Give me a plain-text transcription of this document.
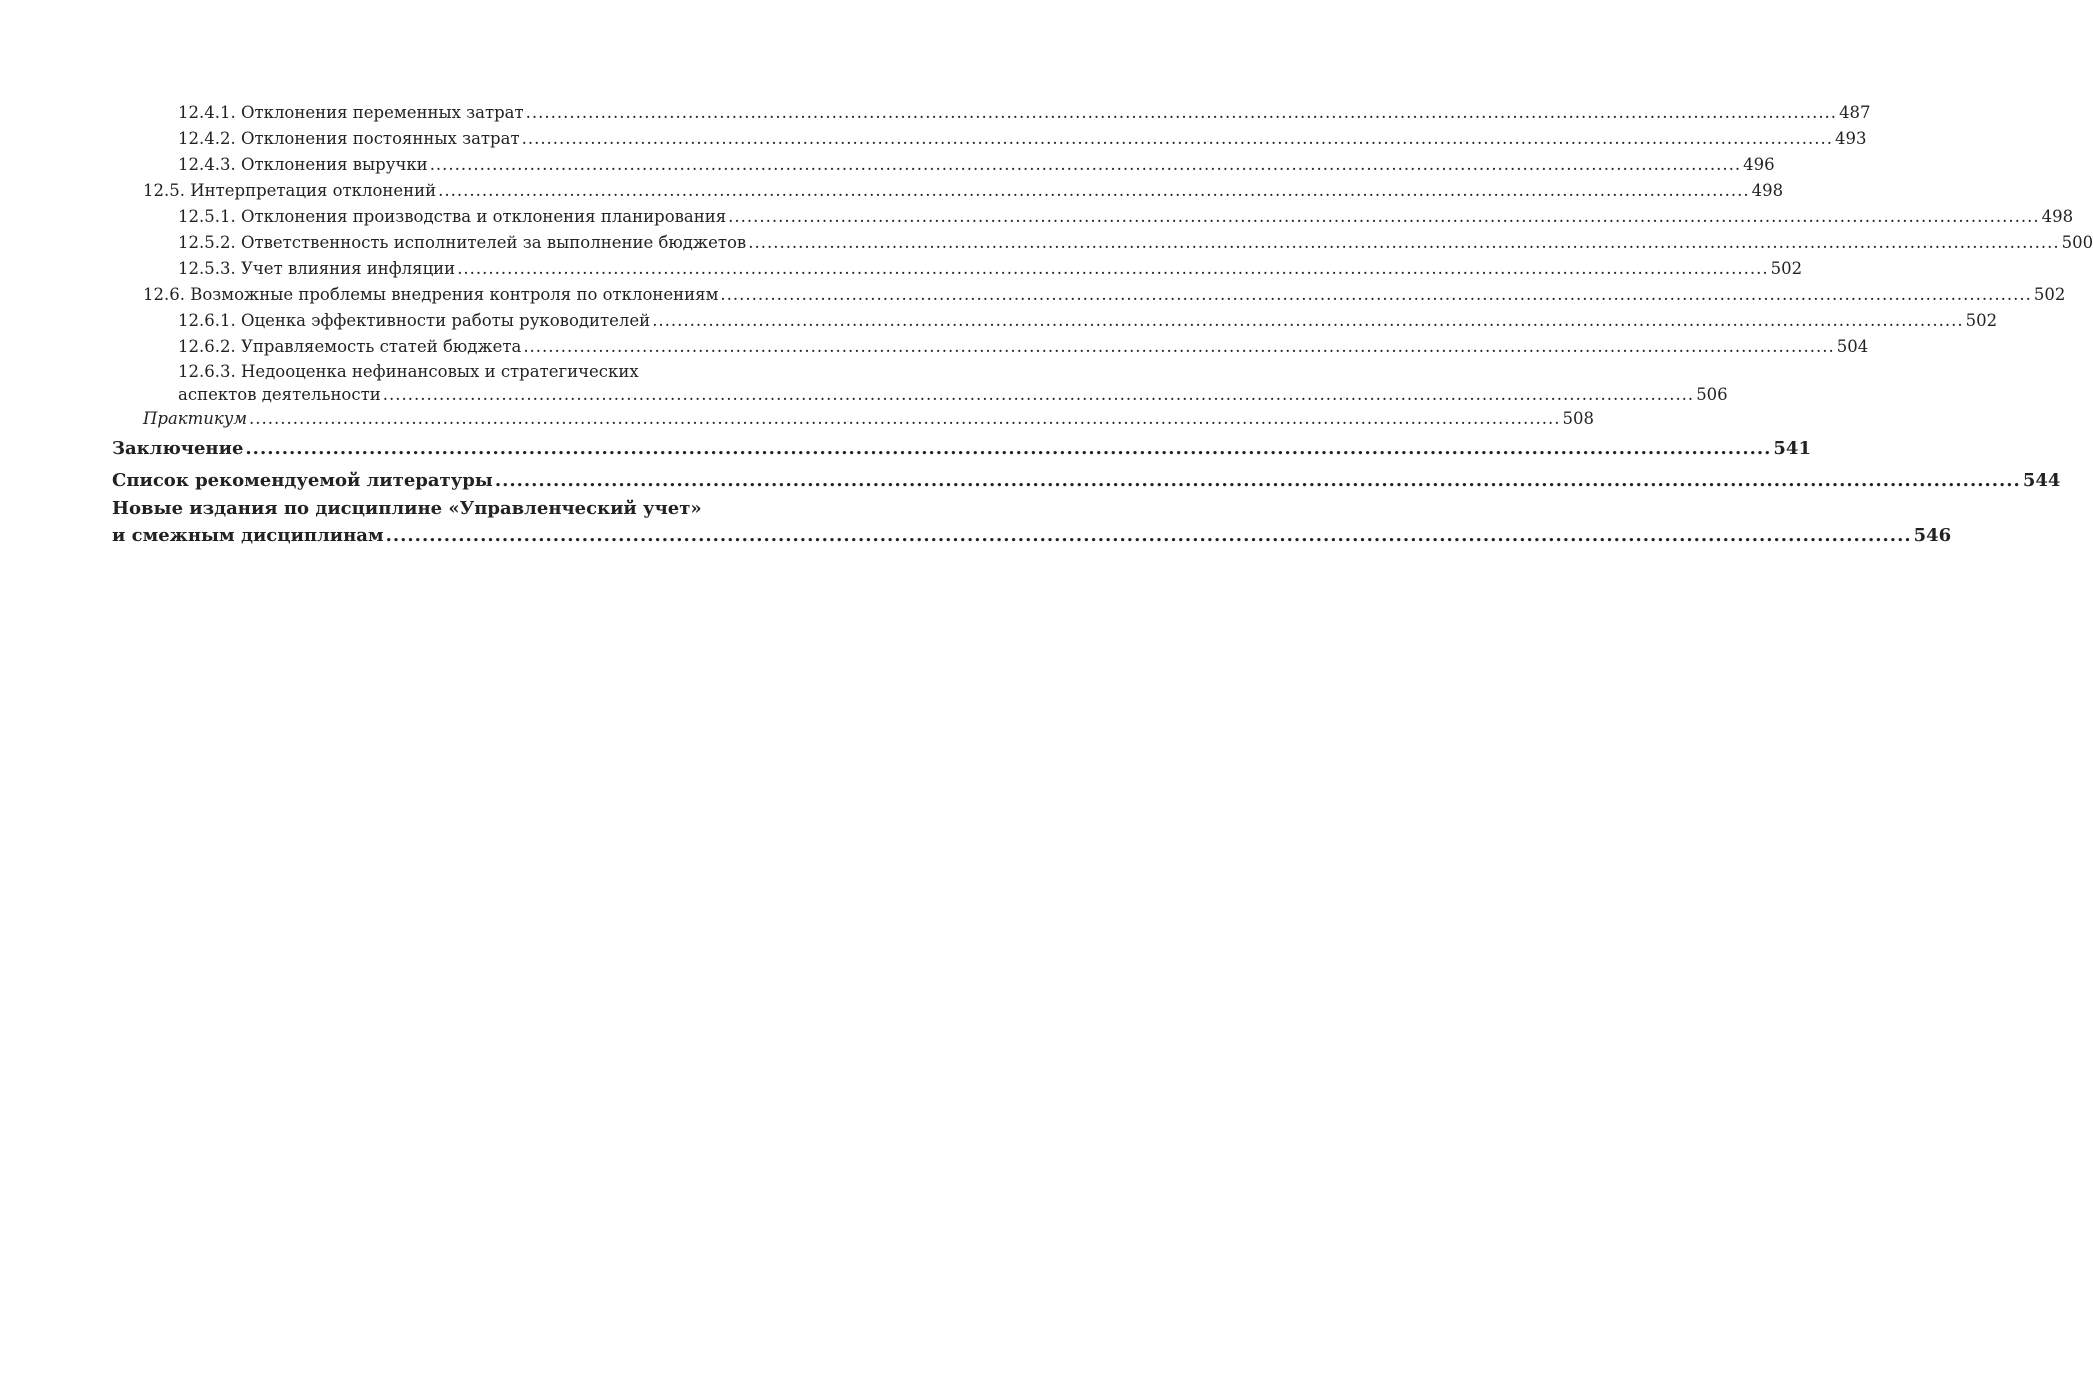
12.4.1. Отклонения переменных затрат .....	487
12.4.2. Отклонения постоянных затрат .....	493
12.4.3. Отклонения выручки .....	496
12.5. Интерпретация отклонений .....	498
12.5.1. Отклонения производства и отклонения планирования .....	498
12.5.2. Ответственность исполнителей за выполнение бюджетов .....	500
12.5.3. Учет влияния инфляции .....	502
12.6. Возможные проблемы внедрения контроля по отклонениям .....	502
12.6.1. Оценка эффективности работы руководителей .....	502
12.6.2. Управляемость статей бюджета .....	504
12.6.3. Недооценка нефинансовых и стратегических
аспектов деятельности .....	506
Практикум .....	508
Заключение .....	541
Список рекомендуемой литературы .....	544
Новые издания по дисциплине «Управленческий учет»
и смежным дисциплинам .....	546
